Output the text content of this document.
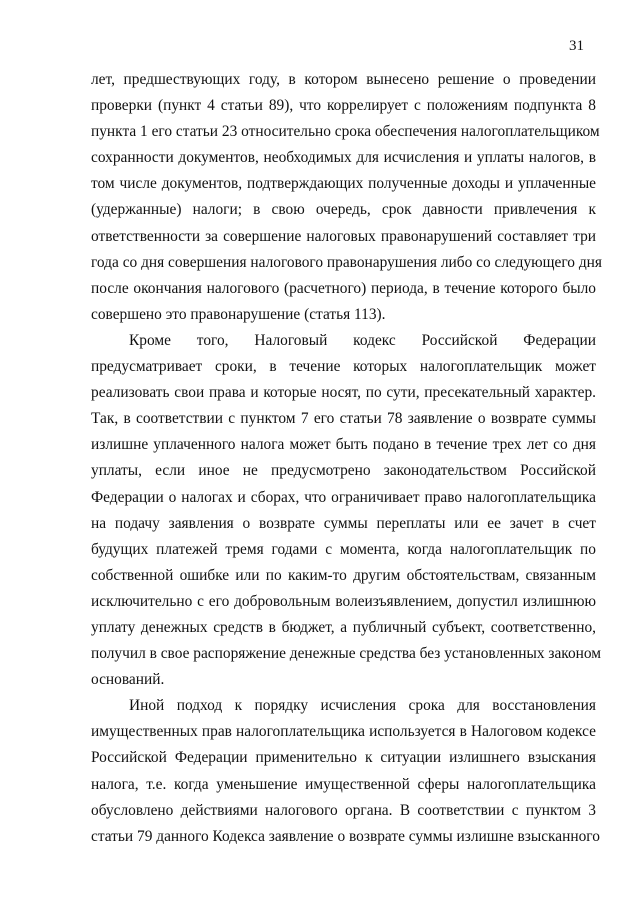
31
лет, предшествующих году, в котором вынесено решение о проведении
проверки (пункт 4 статьи 89), что коррелирует с положениям подпункта 8
пункта 1 его статьи 23 относительно срока обеспечения налогоплательщиком
сохранности документов, необходимых для исчисления и уплаты налогов, в
том числе документов, подтверждающих полученные доходы и уплаченные
(удержанные) налоги; в свою очередь, срок давности привлечения к
ответственности за совершение налоговых правонарушений составляет три
года со дня совершения налогового правонарушения либо со следующего дня
после окончания налогового (расчетного) периода, в течение которого было
совершено это правонарушение (статья 113).
Кроме того, Налоговый кодекс Российской Федерации
предусматривает сроки, в течение которых налогоплательщик может
реализовать свои права и которые носят, по сути, пресекательный характер.
Так, в соответствии с пунктом 7 его статьи 78 заявление о возврате суммы
излишне уплаченного налога может быть подано в течение трех лет со дня
уплаты, если иное не предусмотрено законодательством Российской
Федерации о налогах и сборах, что ограничивает право налогоплательщика
на подачу заявления о возврате суммы переплаты или ее зачет в счет
будущих платежей тремя годами с момента, когда налогоплательщик по
собственной ошибке или по каким-то другим обстоятельствам, связанным
исключительно с его добровольным волеизъявлением, допустил излишнюю
уплату денежных средств в бюджет, а публичный субъект, соответственно,
получил в свое распоряжение денежные средства без установленных законом
оснований.
Иной подход к порядку исчисления срока для восстановления
имущественных прав налогоплательщика используется в Налоговом кодексе
Российской Федерации применительно к ситуации излишнего взыскания
налога, т.е. когда уменьшение имущественной сферы налогоплательщика
обусловлено действиями налогового органа. В соответствии с пунктом 3
статьи 79 данного Кодекса заявление о возврате суммы излишне взысканного
